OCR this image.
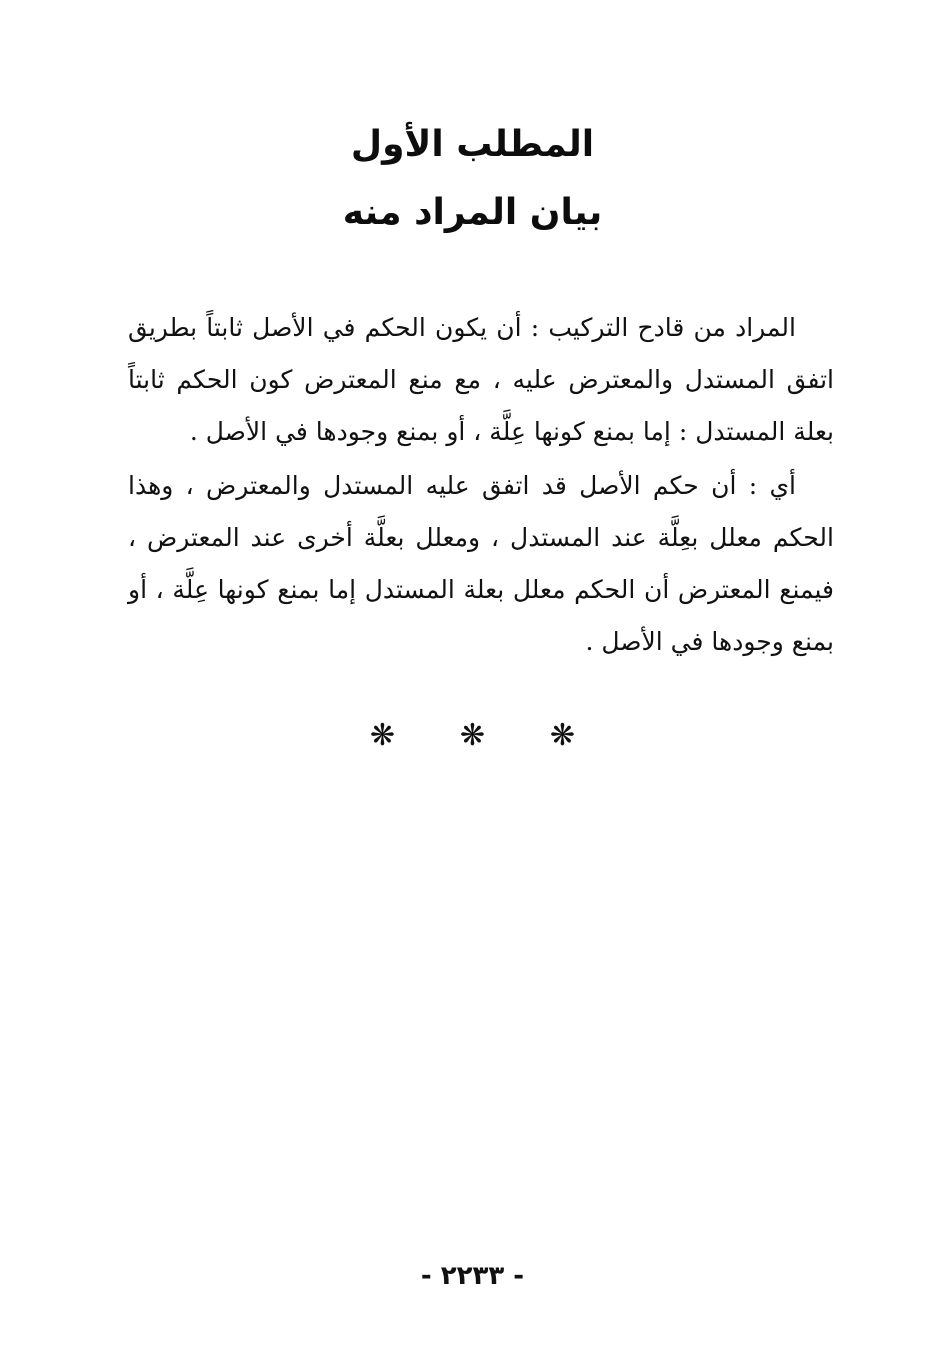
المطلب الأول
بيان المراد منه

المراد من قادح التركيب : أن يكون الحكم في الأصل ثابتاً بطريق اتفق المستدل والمعترض عليه ، مع منع المعترض كون الحكم ثابتاً بعلة المستدل : إما بمنع كونها عِلَّة ، أو بمنع وجودها في الأصل .

أي : أن حكم الأصل قد اتفق عليه المستدل والمعترض ، وهذا الحكم معلل بعِلَّة عند المستدل ، ومعلل بعلَّة أخرى عند المعترض ، فيمنع المعترض أن الحكم معلل بعلة المستدل إما بمنع كونها عِلَّة ، أو بمنع وجودها في الأصل .

❋
❋
❋
- ٢٢٣٣ -
